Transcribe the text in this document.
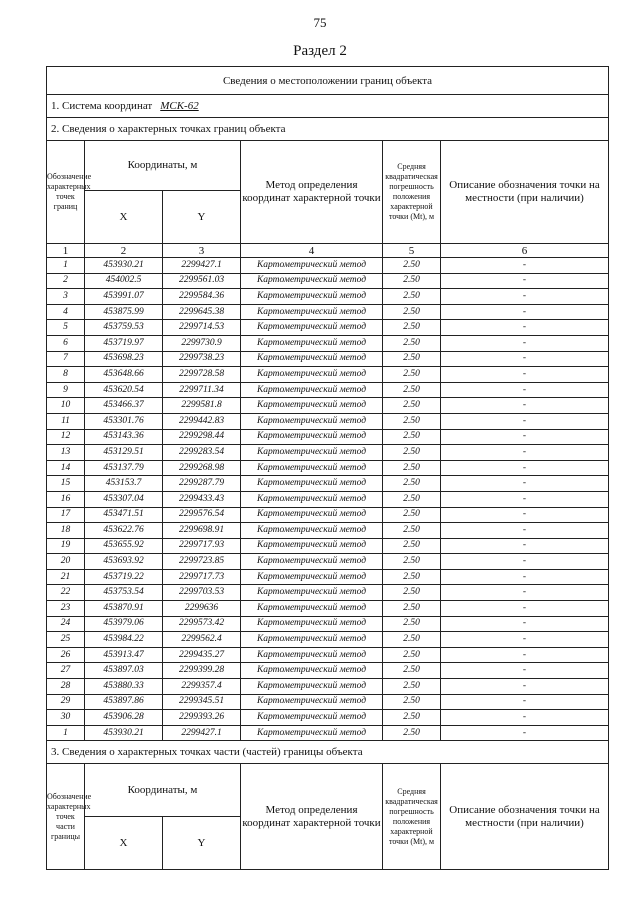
75
Раздел 2
Сведения о местоположении границ объекта					
1. Система координат МСК-62					
2. Сведения о характерных точках границ объекта					
Обозначение характерных точек границ	Координаты, м		Метод определения координат характерной точки	Средняя квадратическая погрешность положения характерной точки (Mt), м	Описание обозначения точки на местности (при наличии)
	X	Y			
1	2	3	4	5	6
1	453930.21	2299427.1	Картометрический метод	2.50	-
2	454002.5	2299561.03	Картометрический метод	2.50	-
3	453991.07	2299584.36	Картометрический метод	2.50	-
4	453875.99	2299645.38	Картометрический метод	2.50	-
5	453759.53	2299714.53	Картометрический метод	2.50	-
6	453719.97	2299730.9	Картометрический метод	2.50	-
7	453698.23	2299738.23	Картометрический метод	2.50	-
8	453648.66	2299728.58	Картометрический метод	2.50	-
9	453620.54	2299711.34	Картометрический метод	2.50	-
10	453466.37	2299581.8	Картометрический метод	2.50	-
11	453301.76	2299442.83	Картометрический метод	2.50	-
12	453143.36	2299298.44	Картометрический метод	2.50	-
13	453129.51	2299283.54	Картометрический метод	2.50	-
14	453137.79	2299268.98	Картометрический метод	2.50	-
15	453153.7	2299287.79	Картометрический метод	2.50	-
16	453307.04	2299433.43	Картометрический метод	2.50	-
17	453471.51	2299576.54	Картометрический метод	2.50	-
18	453622.76	2299698.91	Картометрический метод	2.50	-
19	453655.92	2299717.93	Картометрический метод	2.50	-
20	453693.92	2299723.85	Картометрический метод	2.50	-
21	453719.22	2299717.73	Картометрический метод	2.50	-
22	453753.54	2299703.53	Картометрический метод	2.50	-
23	453870.91	2299636	Картометрический метод	2.50	-
24	453979.06	2299573.42	Картометрический метод	2.50	-
25	453984.22	2299562.4	Картометрический метод	2.50	-
26	453913.47	2299435.27	Картометрический метод	2.50	-
27	453897.03	2299399.28	Картометрический метод	2.50	-
28	453880.33	2299357.4	Картометрический метод	2.50	-
29	453897.86	2299345.51	Картометрический метод	2.50	-
30	453906.28	2299393.26	Картометрический метод	2.50	-
1	453930.21	2299427.1	Картометрический метод	2.50	-
3. Сведения о характерных точках части (частей) границы объекта					
Обозначение характерных точек части границы	Координаты, м		Метод определения координат характерной точки	Средняя квадратическая погрешность положения характерной точки (Mt), м	Описание обозначения точки на местности (при наличии)
	X	Y			
